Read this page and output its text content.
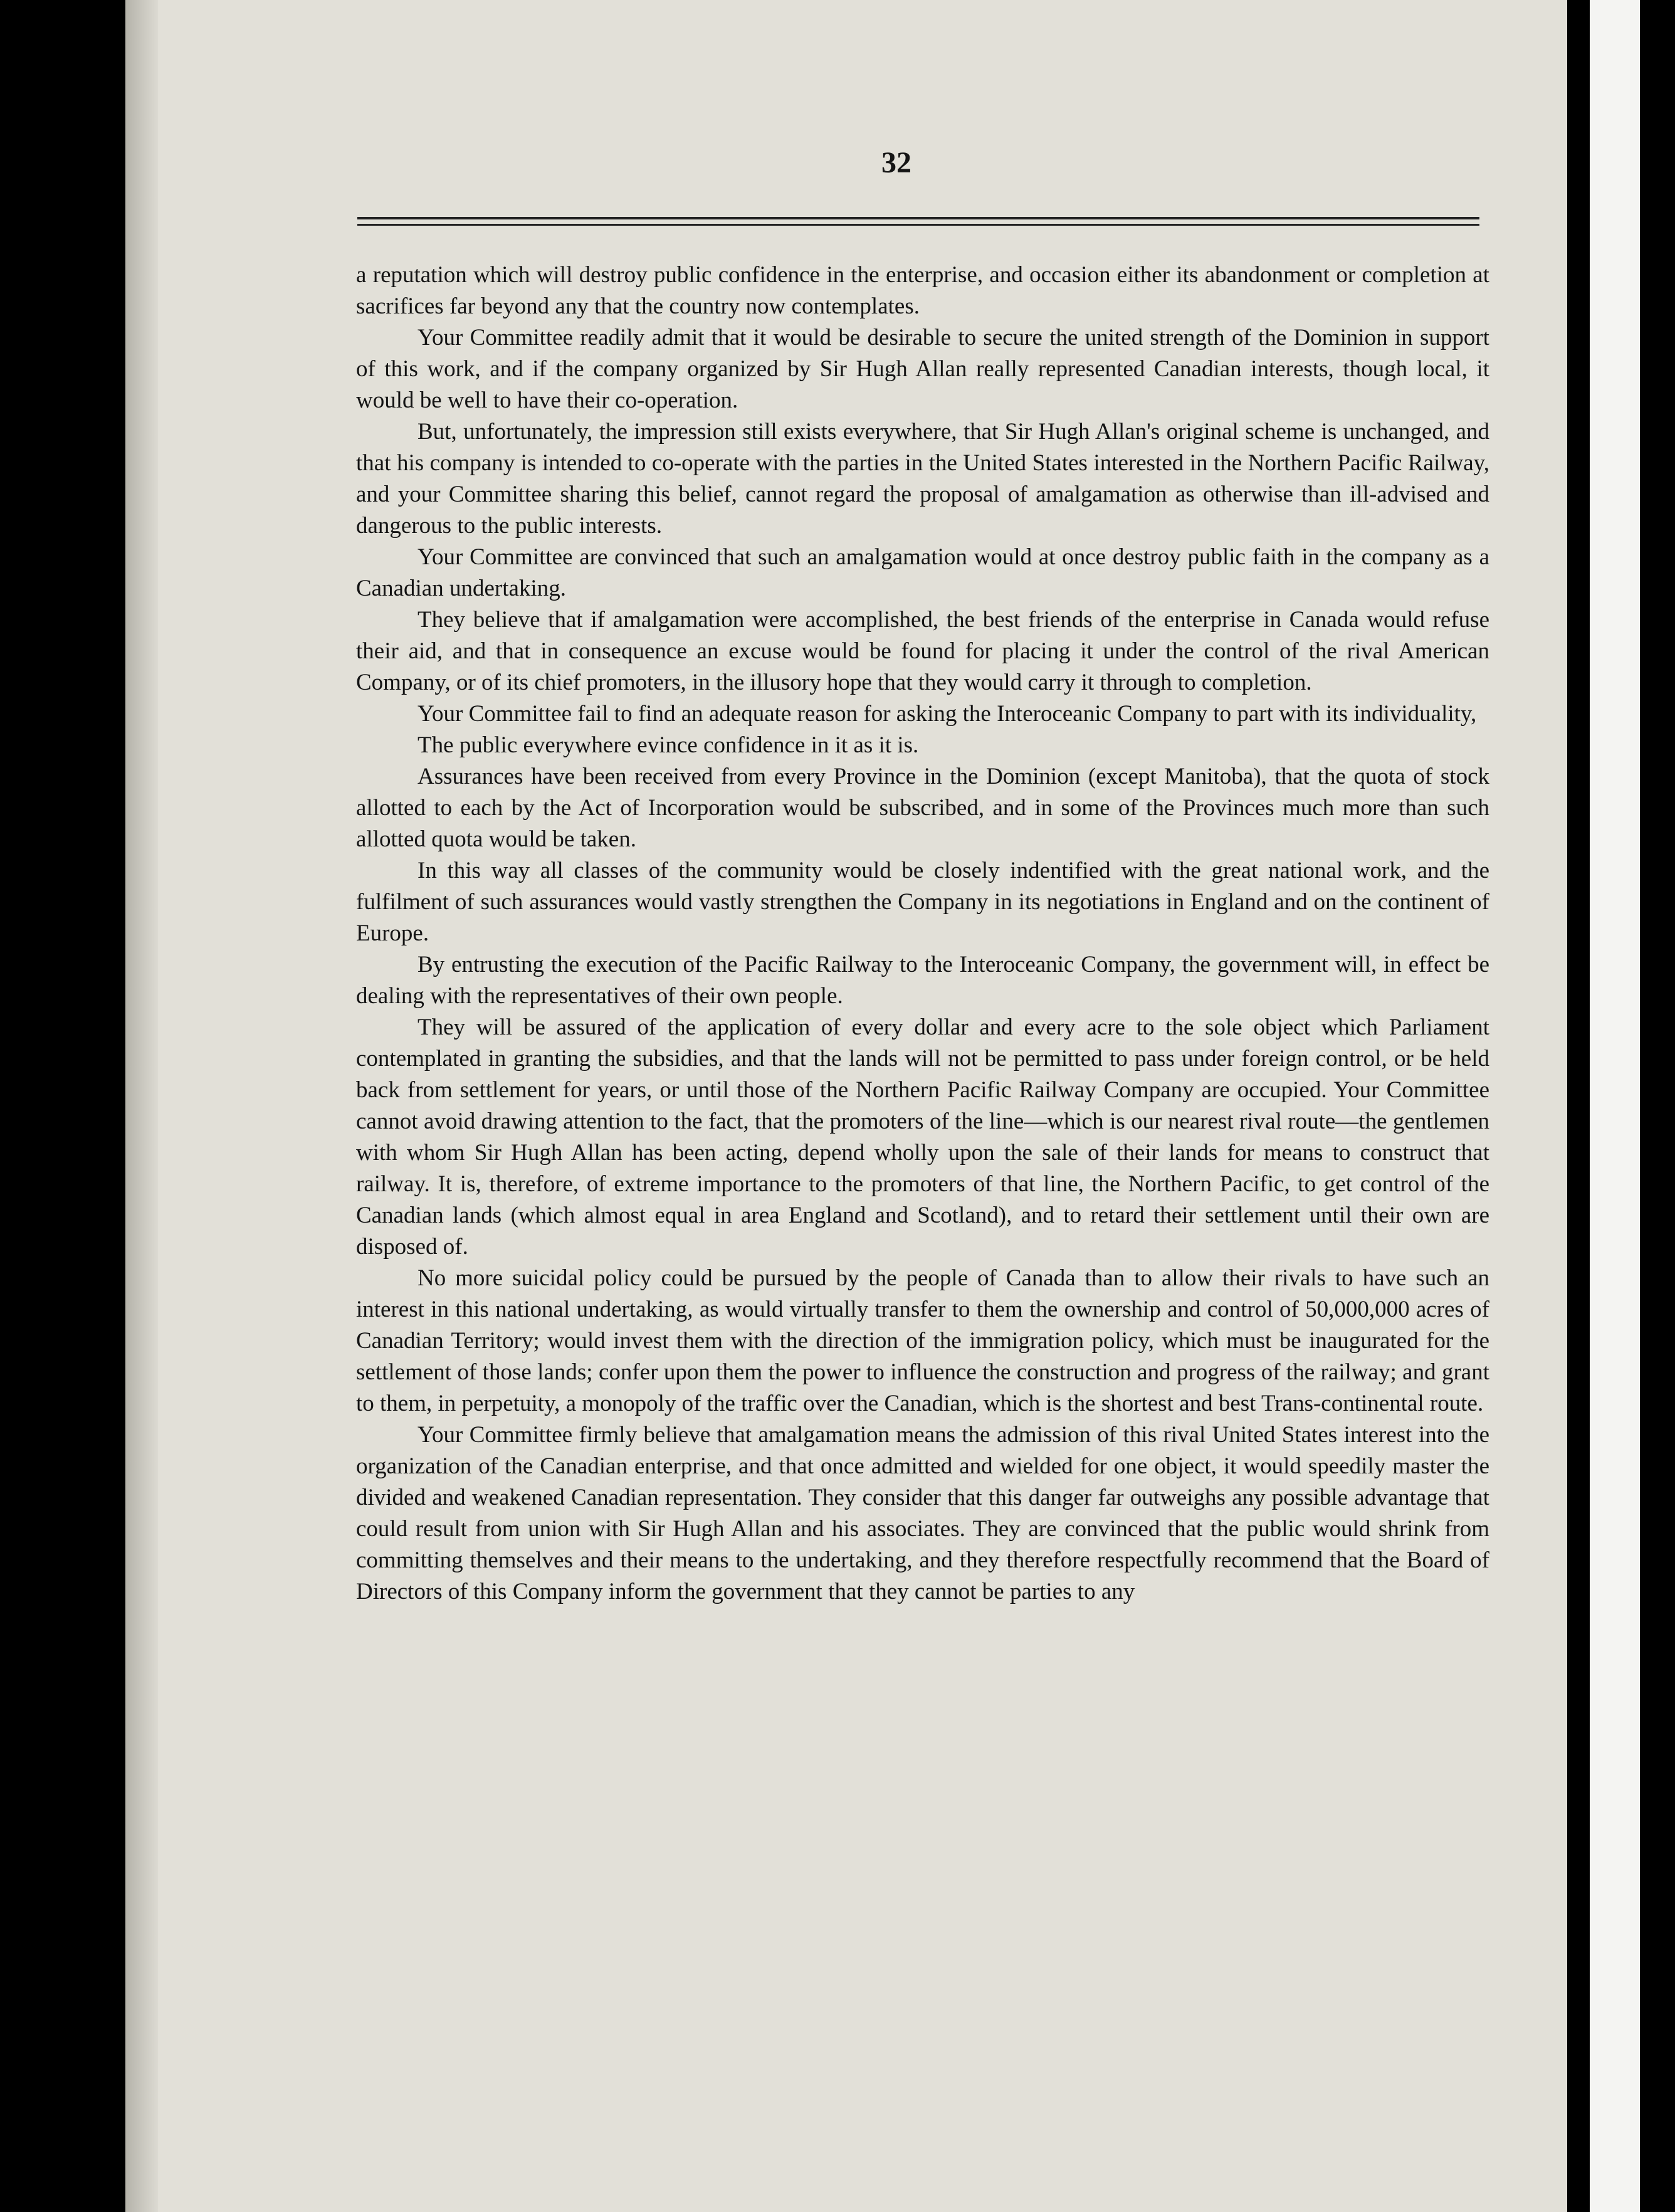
32

a reputation which will destroy public confidence in the enterprise, and occasion either its abandonment or completion at sacrifices far beyond any that the country now contemplates.

Your Committee readily admit that it would be desirable to secure the united strength of the Dominion in support of this work, and if the company organized by Sir Hugh Allan really represented Canadian interests, though local, it would be well to have their co-operation.

But, unfortunately, the impression still exists everywhere, that Sir Hugh Allan's original scheme is unchanged, and that his company is intended to co-operate with the parties in the United States interested in the Northern Pacific Railway, and your Committee sharing this belief, cannot regard the proposal of amalgamation as otherwise than ill-advised and dangerous to the public interests.

Your Committee are convinced that such an amalgamation would at once destroy public faith in the company as a Canadian undertaking.

They believe that if amalgamation were accomplished, the best friends of the enterprise in Canada would refuse their aid, and that in consequence an excuse would be found for placing it under the control of the rival American Company, or of its chief promoters, in the illusory hope that they would carry it through to completion.

Your Committee fail to find an adequate reason for asking the Interoceanic Company to part with its individuality,

The public everywhere evince confidence in it as it is.

Assurances have been received from every Province in the Dominion (except Manitoba), that the quota of stock allotted to each by the Act of Incorporation would be subscribed, and in some of the Provinces much more than such allotted quota would be taken.

In this way all classes of the community would be closely indentified with the great national work, and the fulfilment of such assurances would vastly strengthen the Company in its negotiations in England and on the continent of Europe.

By entrusting the execution of the Pacific Railway to the Interoceanic Company, the government will, in effect be dealing with the representatives of their own people.

They will be assured of the application of every dollar and every acre to the sole object which Parliament contemplated in granting the subsidies, and that the lands will not be permitted to pass under foreign control, or be held back from settlement for years, or until those of the Northern Pacific Railway Company are occupied. Your Committee cannot avoid drawing attention to the fact, that the promoters of the line—which is our nearest rival route—the gentlemen with whom Sir Hugh Allan has been acting, depend wholly upon the sale of their lands for means to construct that railway. It is, therefore, of extreme importance to the promoters of that line, the Northern Pacific, to get control of the Canadian lands (which almost equal in area England and Scotland), and to retard their settlement until their own are disposed of.

No more suicidal policy could be pursued by the people of Canada than to allow their rivals to have such an interest in this national undertaking, as would virtually transfer to them the ownership and control of 50,000,000 acres of Canadian Territory; would invest them with the direction of the immigration policy, which must be inaugurated for the settlement of those lands; confer upon them the power to influence the construction and progress of the railway; and grant to them, in perpetuity, a monopoly of the traffic over the Canadian, which is the shortest and best Trans-continental route.

Your Committee firmly believe that amalgamation means the admission of this rival United States interest into the organization of the Canadian enterprise, and that once admitted and wielded for one object, it would speedily master the divided and weakened Canadian representation. They consider that this danger far outweighs any possible advantage that could result from union with Sir Hugh Allan and his associates. They are convinced that the public would shrink from committing themselves and their means to the undertaking, and they therefore respectfully recommend that the Board of Directors of this Company inform the government that they cannot be parties to any
